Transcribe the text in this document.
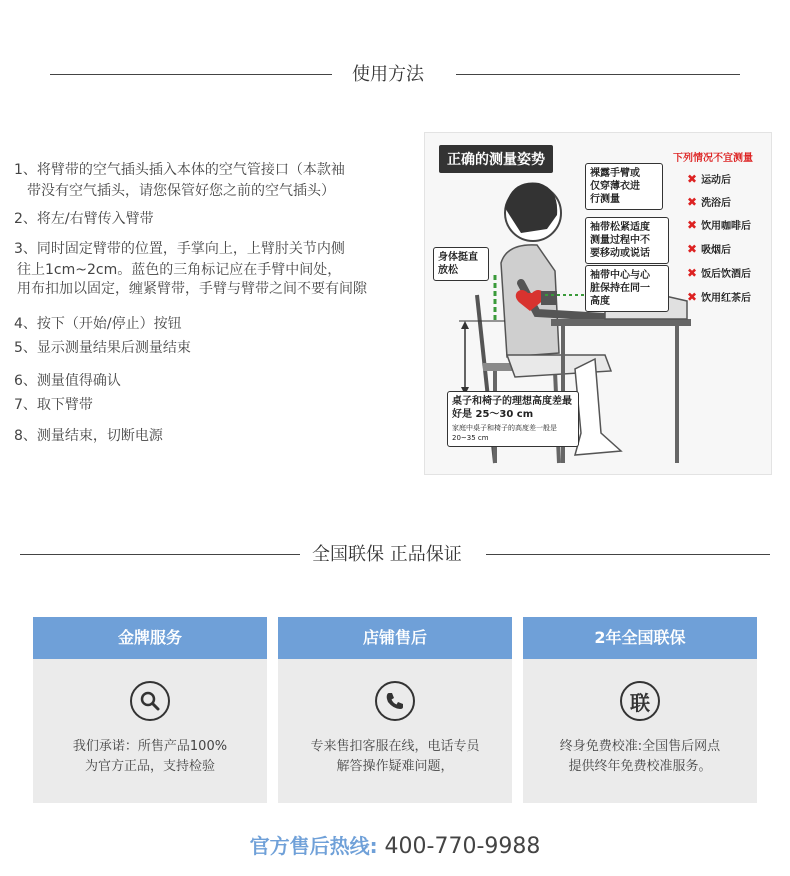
使用方法
1、将臂带的空气插头插入本体的空气管接口（本款袖
带没有空气插头，请您保管好您之前的空气插头）
2、将左/右臂传入臂带
3、同时固定臂带的位置，手掌向上，上臂肘关节内侧
往上1cm~2cm。蓝色的三角标记应在手臂中间处，
用布扣加以固定，缠紧臂带，手臂与臂带之间不要有间隙
4、按下（开始/停止）按钮
5、显示测量结果后测量结束
6、测量值得确认
7、取下臂带
8、测量结束，切断电源
正确的测量姿势
裸露手臂或
仅穿薄衣进
行测量
袖带松紧适度
测量过程中不
要移动或说话
袖带中心与心
脏保持在同一
高度
身体挺直
放松
桌子和椅子的理想高度差最
好是 25～30 cm
家庭中桌子和椅子的高度差一般是
20~35 cm
下列情况不宜测量
✖ 运动后
✖ 洗浴后
✖ 饮用咖啡后
✖ 吸烟后
✖ 饭后饮酒后
✖ 饮用红茶后
全国联保 正品保证
金牌服务
我们承诺：所售产品100%
为官方正品，支持检验
店铺售后
专来售扣客服在线，电话专员
解答操作疑难问题，
2年全国联保
联
终身免费校准:全国售后网点
提供终年免费校准服务。
官方售后热线: 400-770-9988
